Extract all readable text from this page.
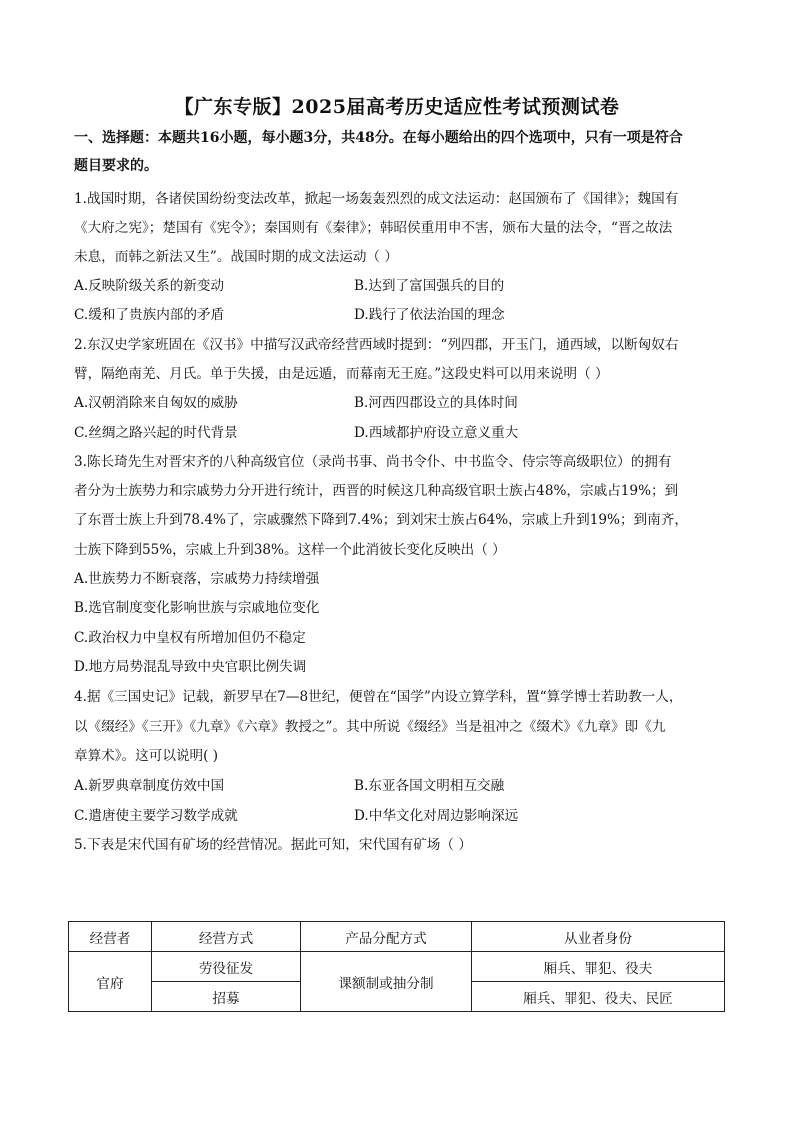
【广东专版】2025届高考历史适应性考试预测试卷
一、选择题：本题共16小题，每小题3分，共48分。在每小题给出的四个选项中，只有一项是符合
题目要求的。
1.战国时期，各诸侯国纷纷变法改革，掀起一场轰轰烈烈的成文法运动：赵国颁布了《国律》；魏国有
《大府之宪》；楚国有《宪令》；秦国则有《秦律》；韩昭侯重用申不害，颁布大量的法令，“晋之故法
未息，而韩之新法又生”。战国时期的成文法运动（ ）
A.反映阶级关系的新变动	B.达到了富国强兵的目的
C.缓和了贵族内部的矛盾	D.践行了依法治国的理念
2.东汉史学家班固在《汉书》中描写汉武帝经营西域时提到：“列四郡，开玉门，通西域，以断匈奴右
臂，隔绝南羌、月氏。单于失援，由是远遁，而幕南无王庭。”这段史料可以用来说明（ ）
A.汉朝消除来自匈奴的威胁	B.河西四郡设立的具体时间
C.丝绸之路兴起的时代背景	D.西域都护府设立意义重大
3.陈长琦先生对晋宋齐的八种高级官位（录尚书事、尚书令仆、中书监令、侍宗等高级职位）的拥有
者分为士族势力和宗戚势力分开进行统计，西晋的时候这几种高级官职士族占48%，宗戚占19%；到
了东晋士族上升到78.4%了，宗戚骤然下降到7.4%；到刘宋士族占64%，宗戚上升到19%；到南齐，
士族下降到55%，宗戚上升到38%。这样一个此消彼长变化反映出（ ）
A.世族势力不断衰落，宗戚势力持续增强
B.选官制度变化影响世族与宗戚地位变化
C.政治权力中皇权有所增加但仍不稳定
D.地方局势混乱导致中央官职比例失调
4.据《三国史记》记载，新罗早在7—8世纪，便曾在“国学”内设立算学科，置“算学博士若助教一人，
以《缀经》《三开》《九章》《六章》教授之”。其中所说《缀经》当是祖冲之《缀术》《九章》即《九
章算术》。这可以说明( )
A.新罗典章制度仿效中国	B.东亚各国文明相互交融
C.遣唐使主要学习数学成就	D.中华文化对周边影响深远
5.下表是宋代国有矿场的经营情况。据此可知，宋代国有矿场（ ）
经营者	经营方式	产品分配方式	从业者身份
官府	劳役征发	课额制或抽分制	厢兵、罪犯、役夫
	招募		厢兵、罪犯、役夫、民匠
